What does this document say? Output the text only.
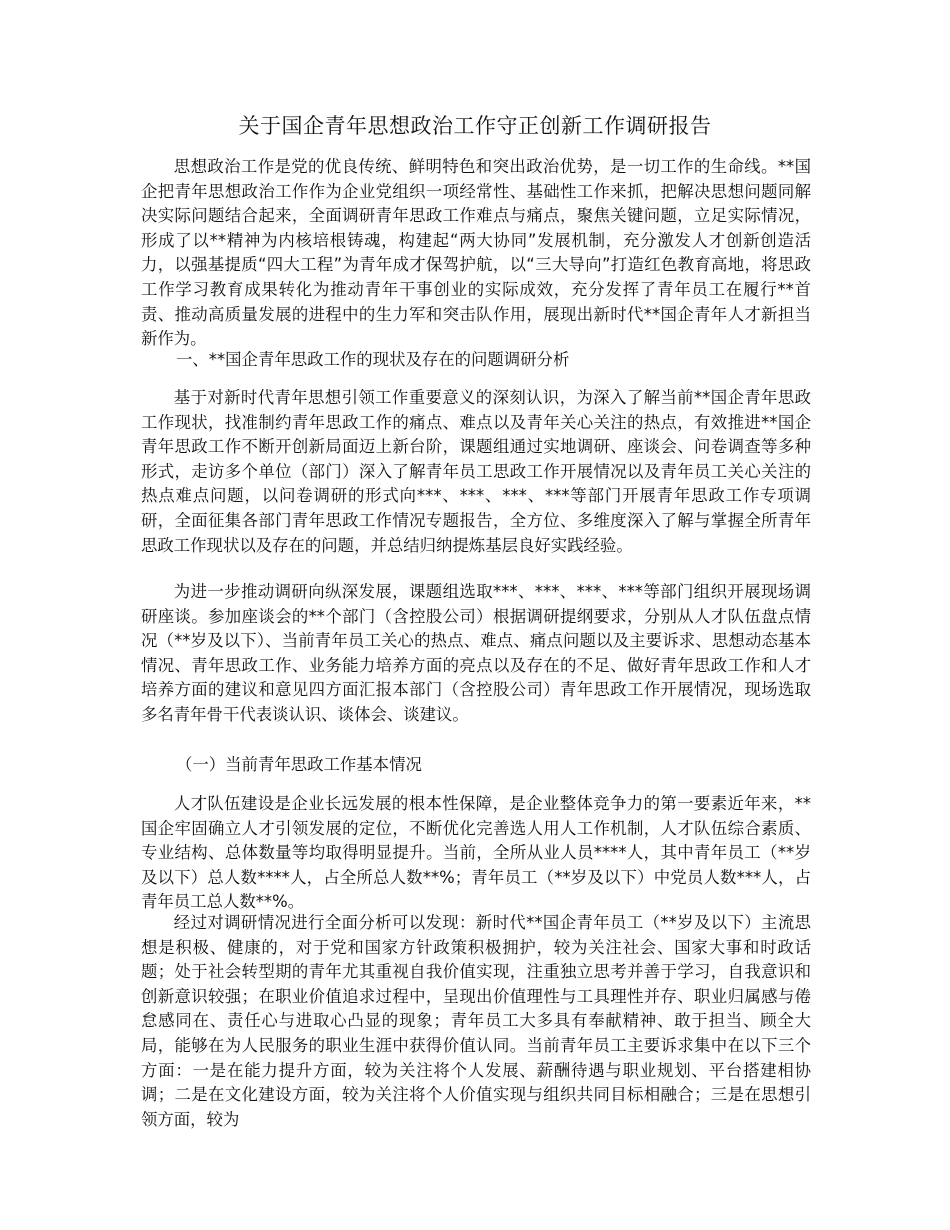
关于国企青年思想政治工作守正创新工作调研报告

思想政治工作是党的优良传统、鲜明特色和突出政治优势，是一切工作的生命线。**国企把青年思想政治工作作为企业党组织一项经常性、基础性工作来抓，把解决思想问题同解决实际问题结合起来，全面调研青年思政工作难点与痛点，聚焦关键问题，立足实际情况，形成了以**精神为内核培根铸魂，构建起“两大协同”发展机制，充分激发人才创新创造活力，以强基提质“四大工程”为青年成才保驾护航，以“三大导向”打造红色教育高地，将思政工作学习教育成果转化为推动青年干事创业的实际成效，充分发挥了青年员工在履行**首责、推动高质量发展的进程中的生力军和突击队作用，展现出新时代**国企青年人才新担当新作为。

一、**国企青年思政工作的现状及存在的问题调研分析

基于对新时代青年思想引领工作重要意义的深刻认识，为深入了解当前**国企青年思政工作现状，找准制约青年思政工作的痛点、难点以及青年关心关注的热点，有效推进**国企青年思政工作不断开创新局面迈上新台阶，课题组通过实地调研、座谈会、问卷调查等多种形式，走访多个单位（部门）深入了解青年员工思政工作开展情况以及青年员工关心关注的热点难点问题，以问卷调研的形式向***、***、***、***等部门开展青年思政工作专项调研，全面征集各部门青年思政工作情况专题报告，全方位、多维度深入了解与掌握全所青年思政工作现状以及存在的问题，并总结归纳提炼基层良好实践经验。

为进一步推动调研向纵深发展，课题组选取***、***、***、***等部门组织开展现场调研座谈。参加座谈会的**个部门（含控股公司）根据调研提纲要求，分别从人才队伍盘点情况（**岁及以下）、当前青年员工关心的热点、难点、痛点问题以及主要诉求、思想动态基本情况、青年思政工作、业务能力培养方面的亮点以及存在的不足、做好青年思政工作和人才培养方面的建议和意见四方面汇报本部门（含控股公司）青年思政工作开展情况，现场选取多名青年骨干代表谈认识、谈体会、谈建议。

（一）当前青年思政工作基本情况

人才队伍建设是企业长远发展的根本性保障，是企业整体竞争力的第一要素近年来，**国企牢固确立人才引领发展的定位，不断优化完善选人用人工作机制，人才队伍综合素质、专业结构、总体数量等均取得明显提升。当前，全所从业人员****人，其中青年员工（**岁及以下）总人数****人，占全所总人数**%；青年员工（**岁及以下）中党员人数***人，占青年员工总人数**%。

经过对调研情况进行全面分析可以发现：新时代**国企青年员工（**岁及以下）主流思想是积极、健康的，对于党和国家方针政策积极拥护，较为关注社会、国家大事和时政话题；处于社会转型期的青年尤其重视自我价值实现，注重独立思考并善于学习，自我意识和创新意识较强；在职业价值追求过程中，呈现出价值理性与工具理性并存、职业归属感与倦怠感同在、责任心与进取心凸显的现象；青年员工大多具有奉献精神、敢于担当、顾全大局，能够在为人民服务的职业生涯中获得价值认同。当前青年员工主要诉求集中在以下三个方面：一是在能力提升方面，较为关注将个人发展、薪酬待遇与职业规划、平台搭建相协调；二是在文化建设方面，较为关注将个人价值实现与组织共同目标相融合；三是在思想引领方面，较为
